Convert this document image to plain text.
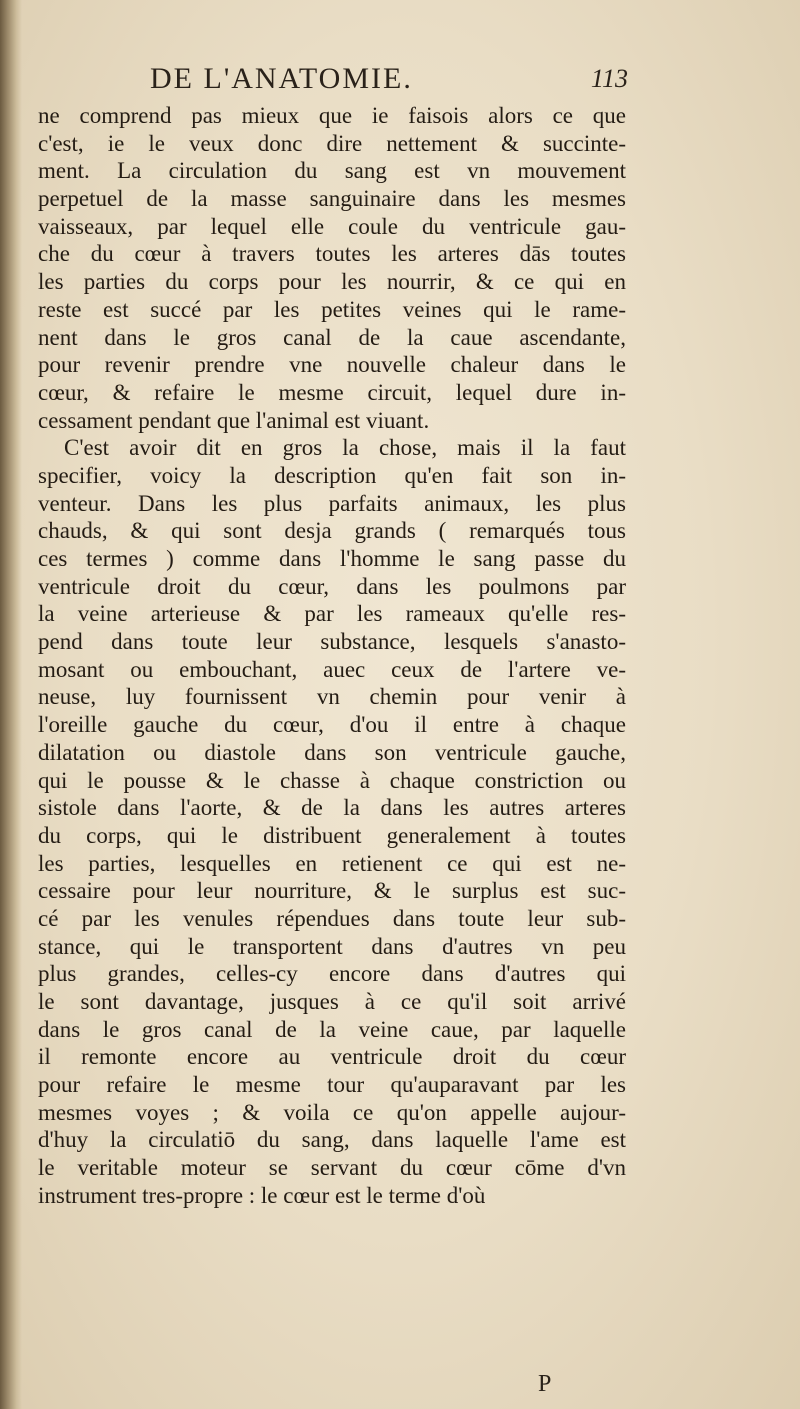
DE L'ANATOMIE.	113
ne comprend pas mieux que ie faisois alors ce que
c'est, ie le veux donc dire nettement & succinte-
ment. La circulation du sang est vn mouvement
perpetuel de la masse sanguinaire dans les mesmes
vaisseaux, par lequel elle coule du ventricule gau-
che du cœur à travers toutes les arteres dās toutes
les parties du corps pour les nourrir, & ce qui en
reste est succé par les petites veines qui le rame-
nent dans le gros canal de la caue ascendante,
pour revenir prendre vne nouvelle chaleur dans le
cœur, & refaire le mesme circuit, lequel dure in-
cessament pendant que l'animal est viuant.
C'est avoir dit en gros la chose, mais il la faut
specifier, voicy la description qu'en fait son in-
venteur. Dans les plus parfaits animaux, les plus
chauds, & qui sont desja grands ( remarqués tous
ces termes ) comme dans l'homme le sang passe du
ventricule droit du cœur, dans les poulmons par
la veine arterieuse & par les rameaux qu'elle res-
pend dans toute leur substance, lesquels s'anasto-
mosant ou embouchant, auec ceux de l'artere ve-
neuse, luy fournissent vn chemin pour venir à
l'oreille gauche du cœur, d'ou il entre à chaque
dilatation ou diastole dans son ventricule gauche,
qui le pousse & le chasse à chaque constriction ou
sistole dans l'aorte, & de la dans les autres arteres
du corps, qui le distribuent generalement à toutes
les parties, lesquelles en retienent ce qui est ne-
cessaire pour leur nourriture, & le surplus est suc-
cé par les venules répendues dans toute leur sub-
stance, qui le transportent dans d'autres vn peu
plus grandes, celles-cy encore dans d'autres qui
le sont davantage, jusques à ce qu'il soit arrivé
dans le gros canal de la veine caue, par laquelle
il remonte encore au ventricule droit du cœur
pour refaire le mesme tour qu'auparavant par les
mesmes voyes ; & voila ce qu'on appelle aujour-
d'huy la circulatiō du sang, dans laquelle l'ame est
le veritable moteur se servant du cœur cōme d'vn
instrument tres-propre : le cœur est le terme d'où
P
